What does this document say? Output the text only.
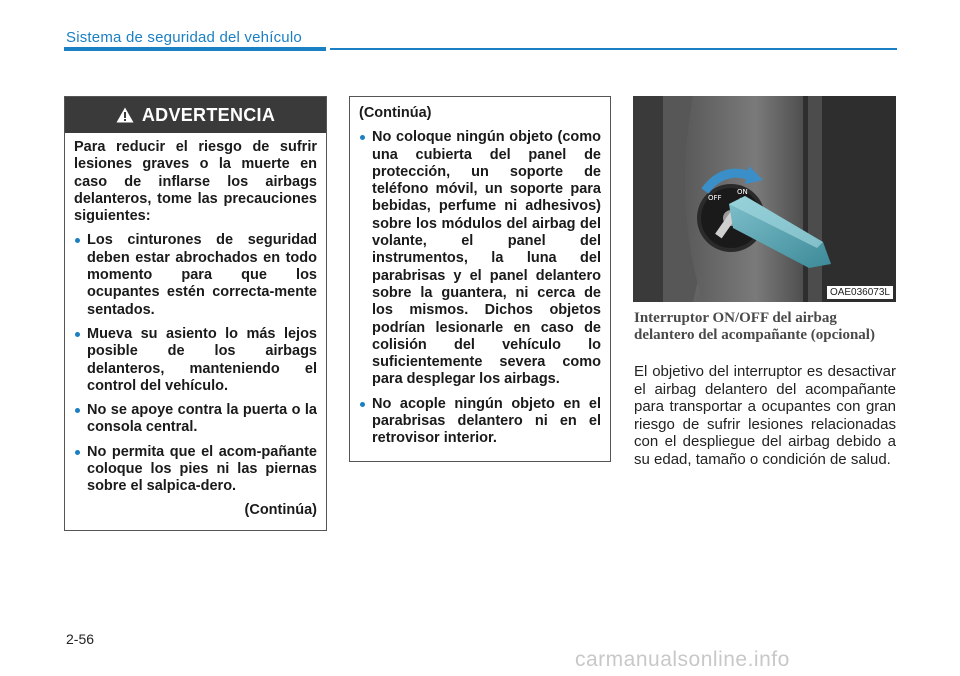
Sistema de seguridad del vehículo
ADVERTENCIA
Para reducir el riesgo de sufrir lesiones graves o la muerte en caso de inflarse los airbags delanteros, tome las precauciones siguientes:
Los cinturones de seguridad deben estar abrochados en todo momento para que los ocupantes estén correcta-mente sentados.
Mueva su asiento lo más lejos posible de los airbags delanteros, manteniendo el control del vehículo.
No se apoye contra la puerta o la consola central.
No permita que el acom-pañante coloque los pies ni las piernas sobre el salpica-dero.
(Continúa)
(Continúa)
No coloque ningún objeto (como una cubierta del panel de protección, un soporte de teléfono móvil, un soporte para bebidas, perfume ni adhesivos) sobre los módulos del airbag del volante, el panel del instrumentos, la luna del parabrisas y el panel delantero sobre la guantera, ni cerca de los mismos. Dichos objetos podrían lesionarle en caso de colisión del vehículo lo suficientemente severa como para desplegar los airbags.
No acople ningún objeto en el parabrisas delantero ni en el retrovisor interior.
OFF
ON
OAE036073L
Interruptor ON/OFF del airbag delantero del acompañante (opcional)
El objetivo del interruptor es desactivar el airbag delantero del acompañante para transportar a ocupantes con gran riesgo de sufrir lesiones relacionadas con el despliegue del airbag debido a su edad, tamaño o condición de salud.
2-56
carmanualsonline.info
